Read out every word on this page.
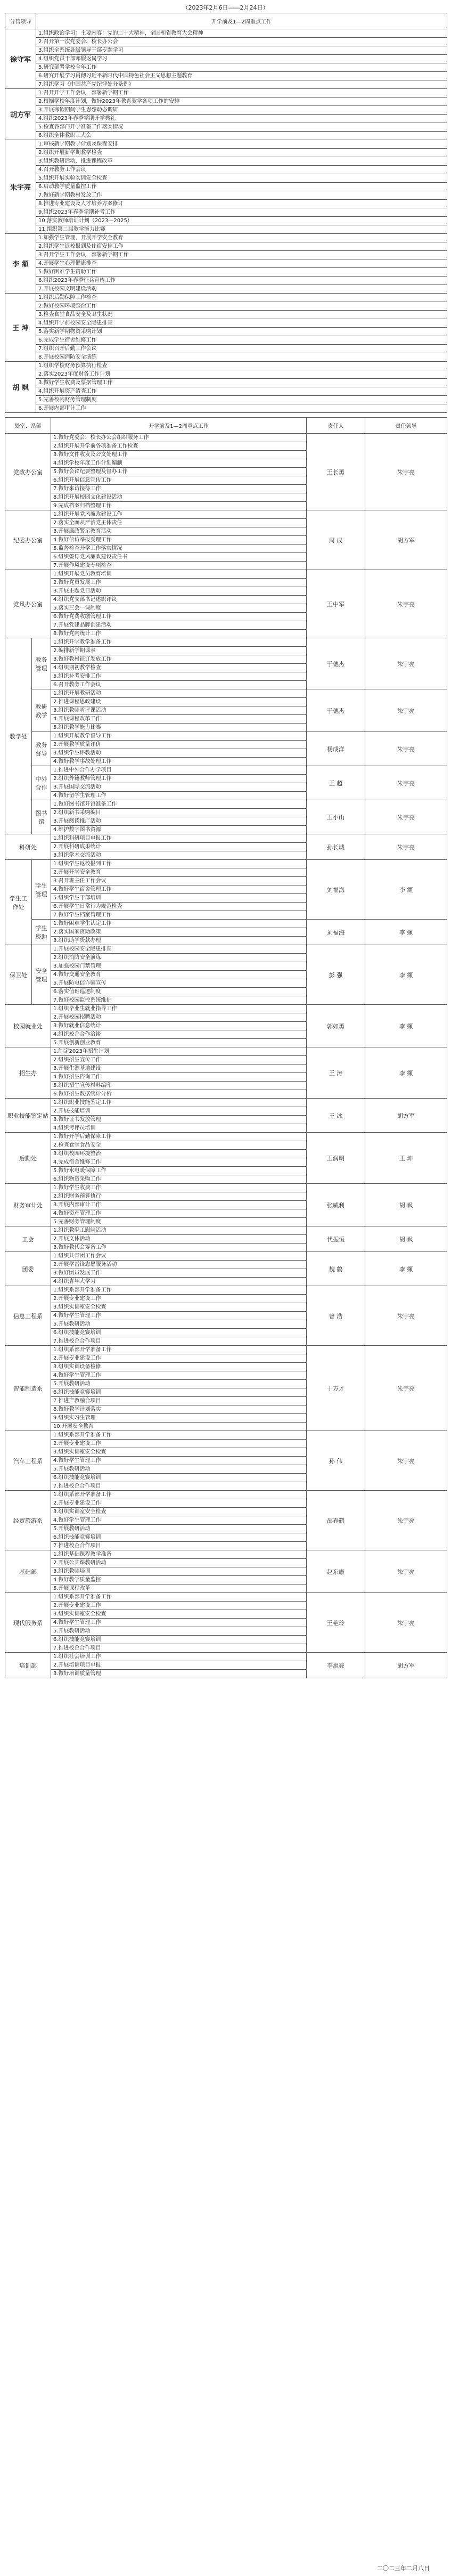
（2023年2月6日——2月24日）
分管领导	开学前及1—2周重点工作
徐守军	1.组织政治学习：主要内容：党的二十大精神，全国和省教育大会精神
	2.召开第一次党委会、校长办公会
	3.组织全系统各级领导干部专题学习
	4.组织党员干部寒假返岗学习
	5.研究部署学校全年工作
	6.研究开展学习贯彻习近平新时代中国特色社会主义思想主题教育
	7.组织学习《中国共产党纪律处分条例》
胡方军	1.召开开学工作会议，部署新学期工作
	2.根据学校年度计划，做好2023年教育教学各项工作的安排
	3.开展寒假期间学生思想动态调研
	4.组织2023年春季学期开学典礼
	5.检查各部门开学准备工作落实情况
	6.组织全体教职工大会
朱宇亮	1.审核新学期教学计划及课程安排
	2.组织开展新学期教学检查
	3.组织教研活动，推进课程改革
	4.召开教务工作会议
	5.组织开展实验实训安全检查
	6.启动教学质量监控工作
	7.做好新学期教材发放工作
	8.推进专业建设及人才培养方案修订
	9.组织2023年春季学期补考工作
	10.落实教师培训计划（2023—2025）
	11.组织第二届教学能力比赛
李 頫	1.加强学生管理，开展开学安全教育
	2.组织学生返校报到及住宿安排工作
	3.召开学生工作会议，部署新学期工作
	4.开展学生心理健康排查
	5.做好困难学生资助工作
	6.组织2023年春季征兵宣传工作
	7.开展校园文明建设活动
王 坤	1.组织后勤保障工作检查
	2.做好校园环境整治工作
	3.检查食堂食品安全及卫生状况
	4.组织开学前校园安全隐患排查
	5.落实新学期物资采购计划
	6.完成学生宿舍维修工作
	7.组织召开后勤工作会议
	8.开展校园消防安全演练
胡 飒	1.组织学校财务预算执行检查
	2.落实2023年度财务工作计划
	3.做好学生收费及票据管理工作
	4.组织开展资产清查工作
	5.完善校内财务管理制度
	6.开展内部审计工作
处室、系部		开学前及1—2周重点工作	责任人	责任领导
党政办公室		1.做好党委会、校长办公会组织服务工作	王长勇	朱宇亮
		2.组织开展开学前各项准备工作检查		
		3.做好文件收发及公文处理工作		
		4.组织学校年度工作计划编制		
		5.做好会议纪要整理及督办工作		
		6.组织开展信息宣传工作		
		7.做好来访接待工作		
		8.组织开展校园文化建设活动		
		9.完成档案归档整理工作		
纪委办公室		1.组织开展党风廉政建设工作	周 成	胡方军
		2.落实全面从严治党主体责任		
		3.开展廉政警示教育活动		
		4.做好信访举报受理工作		
		5.监督检查开学工作落实情况		
		6.组织签订党风廉政建设责任书		
		7.开展作风建设专项检查		
党风办公室		1.组织开展党员教育培训	王中军	朱宇亮
		2.做好党员发展工作		
		3.开展主题党日活动		
		4.组织党支部书记述职评议		
		5.落实三会一课制度		
		6.做好党费收缴管理工作		
		7.开展党建品牌创建活动		
		8.做好党内统计工作		
教学处	教务管理	1.组织开学教学准备工作	于德杰	朱宇亮
		2.编排新学期课表		
		3.做好教材征订发放工作		
		4.组织期初教学检查		
		5.组织补考安排工作		
		6.召开教务工作会议		
	教研教学	1.组织开展教研活动	于德杰	朱宇亮
		2.推进课程思政建设		
		3.组织教师听评课活动		
		4.开展课程改革工作		
		5.组织教学能力比赛		
	教务督导	1.组织开展教学督导工作	杨成洋	朱宇亮
		2.开展教学质量评价		
		3.组织学生评教活动		
		4.做好教学事故处理工作		
	中外合作	1.推进中外合作办学项目	王 超	朱宇亮
		2.组织外籍教师管理工作		
		3.开展国际交流活动		
		4.做好留学生管理工作		
	图书馆	1.做好图书馆开馆准备工作	王小山	朱宇亮
		2.组织新书采购编目		
		3.开展阅读推广活动		
		4.维护数字图书资源		
科研处		1.组织科研项目申报工作	孙长城	朱宇亮
		2.开展科研成果统计		
		3.组织学术交流活动		
学生工作处	学生管理	1.组织学生返校报到工作	刘福海	李 頫
		2.开展开学安全教育		
		3.召开班主任工作会议		
		4.做好学生宿舍管理工作		
		5.组织学生干部培训		
		6.开展学生日常行为规范检查		
		7.做好学生档案管理工作		
	学生资助	1.做好困难学生认定工作	刘福海	李 頫
		2.落实国家资助政策		
		3.组织助学贷款办理		
保卫处	安全管理	1.开展校园安全隐患排查	彭 强	李 頫
		2.组织消防安全演练		
		3.加强校园门禁管理		
		4.做好交通安全教育		
		5.开展防电信诈骗宣传		
		6.落实值班巡逻制度		
		7.做好校园监控系统维护		
校园就业处		1.组织毕业生就业指导工作	郭如勇	李 頫
		2.开展校园招聘活动		
		3.做好就业信息统计		
		4.组织校企合作洽谈		
		5.开展创新创业教育		
招生办		1.制定2023年招生计划	王 涛	李 頫
		2.组织招生宣传工作		
		3.开展生源基地建设		
		4.做好招生咨询工作		
		5.组织招生宣传材料编印		
		6.做好招生数据统计分析		
职业技能鉴定站		1.组织职业技能鉴定工作	王 冰	胡方军
		2.开展技能培训		
		3.做好证书发放管理		
		4.组织考评员培训		
后勤处		1.做好开学后勤保障工作	王润明	王 坤
		2.检查食堂食品安全		
		3.组织校园环境整治		
		4.完成宿舍维修工作		
		5.做好水电暖保障工作		
		6.组织物资采购工作		
财务审计处		1.做好学生收费工作	张威利	胡 飒
		2.组织财务预算执行		
		3.开展内部审计工作		
		4.做好资产管理工作		
		5.完善财务管理制度		
工会		1.组织教职工慰问活动	代振恒	胡 飒
		2.开展文体活动		
		3.做好教代会筹备工作		
团委		1.组织共青团工作会议	魏 鹤	李 頫
		2.开展学雷锋志愿服务活动		
		3.做好团员发展工作		
		4.组织青年大学习		
信息工程系		1.组织系部开学准备工作	曾 浩	朱宇亮
		2.开展专业建设工作		
		3.组织实训室安全检查		
		4.做好学生管理工作		
		5.开展教研活动		
		6.组织技能竞赛培训		
		7.推进校企合作项目		
智能制造系		1.组织系部开学准备工作	于万才	朱宇亮
		2.开展专业建设工作		
		3.组织实训设备检修		
		4.做好学生管理工作		
		5.开展教研活动		
		6.组织技能竞赛培训		
		7.推进产教融合项目		
		8.做好教学计划落实		
		9.组织实习生管理		
		10.开展安全教育		
汽车工程系		1.组织系部开学准备工作	孙 伟	朱宇亮
		2.开展专业建设工作		
		3.组织实训室安全检查		
		4.做好学生管理工作		
		5.开展教研活动		
		6.组织技能竞赛培训		
		7.推进校企合作项目		
经贸旅游系		1.组织系部开学准备工作	邵春鹤	朱宇亮
		2.开展专业建设工作		
		3.组织实训室安全检查		
		4.做好学生管理工作		
		5.开展教研活动		
		6.组织技能竞赛培训		
		7.推进校企合作项目		
基础部		1.组织基础课程教学准备	赵东康	朱宇亮
		2.开展公共课教研活动		
		3.组织教师培训		
		4.做好教学质量监控		
		5.开展课程改革		
现代服务系		1.组织系部开学准备工作	王艳玲	朱宇亮
		2.开展专业建设工作		
		3.组织实训室安全检查		
		4.做好学生管理工作		
		5.开展教研活动		
		6.组织技能竞赛培训		
		7.推进校企合作项目		
培训部		1.组织社会培训工作	李旭亮	胡方军
		2.开展培训项目申报		
		3.做好培训质量管理		
二〇二三年二月八日
